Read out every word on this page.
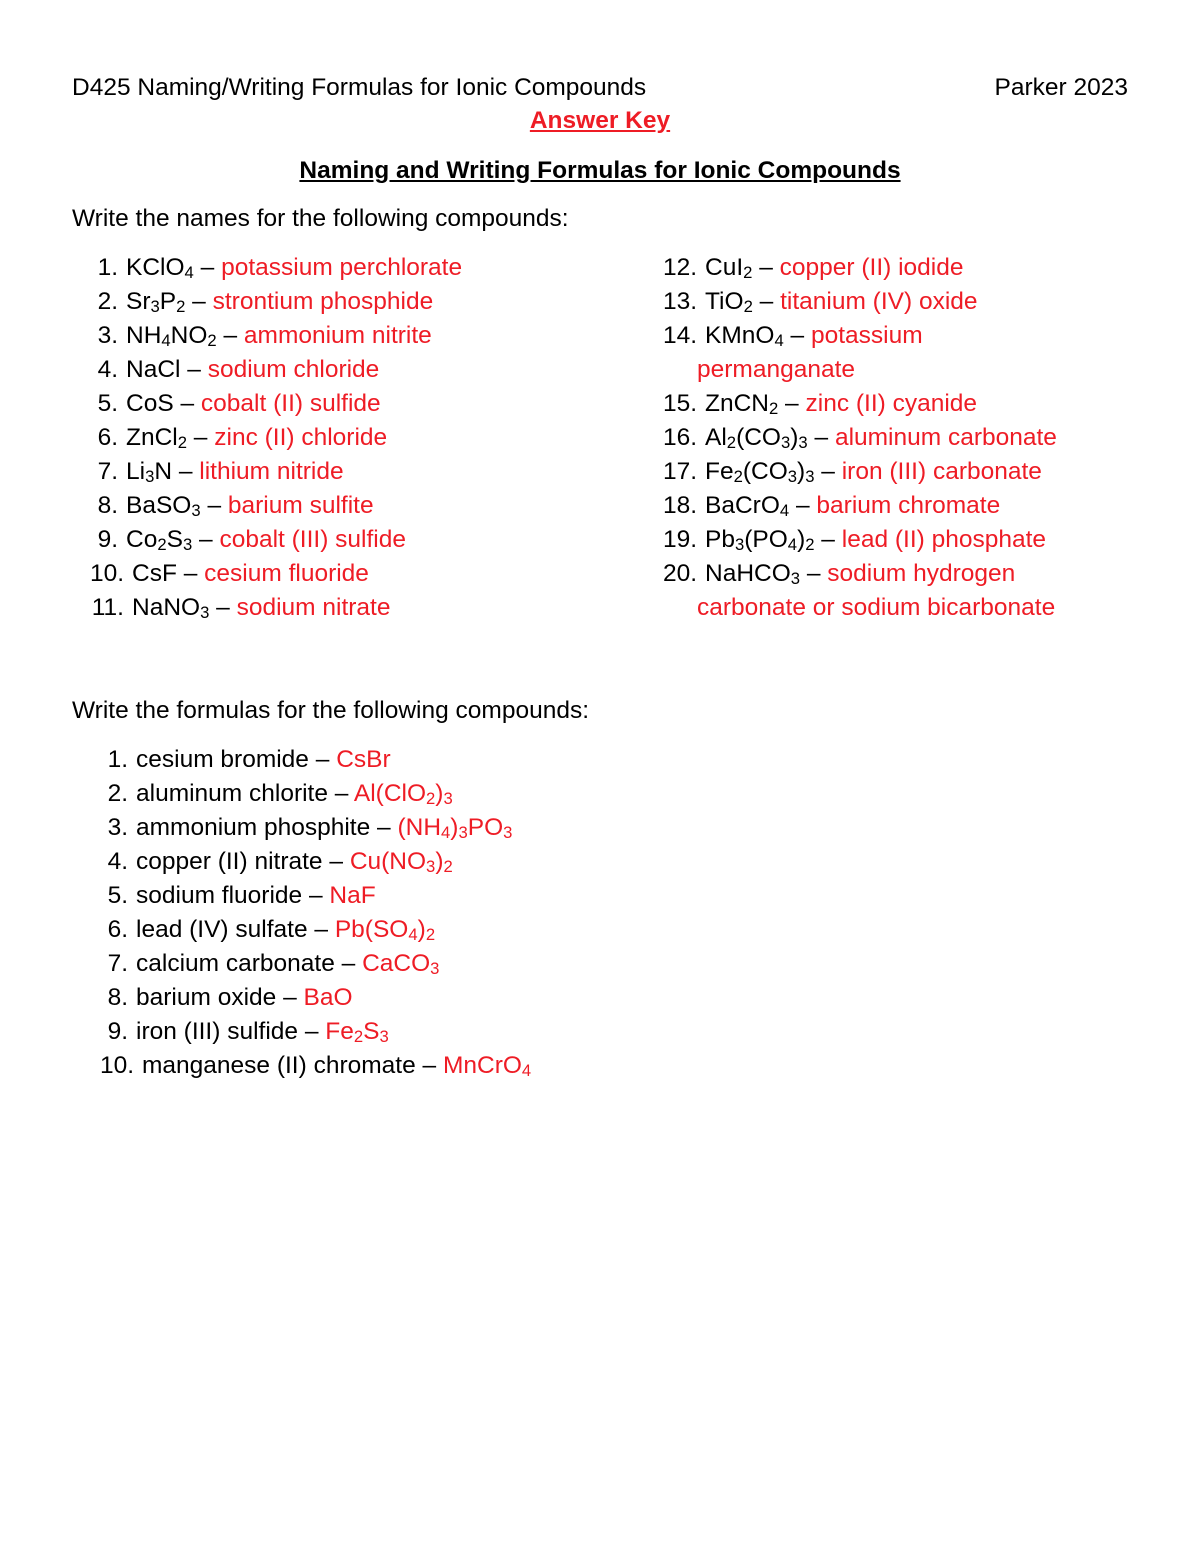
D425 Naming/Writing Formulas for Ionic Compounds	Parker 2023
Answer Key
Naming and Writing Formulas for Ionic Compounds
Write the names for the following compounds:
1. KClO$_4$ – potassium perchlorate
2. $Sr_3P_2$ – strontium phosphide
3. $NH_4NO_2$ – ammonium nitrite
4. NaCl – sodium chloride
5. CoS – cobalt (II) sulfide
6. ZnCl$_2$ – zinc (II) chloride
7. $Li_3N$ – lithium nitride
8. BaSO$_3$ – barium sulfite
9. $Co_2S_3$ – cobalt (III) sulfide
10. CsF – cesium fluoride
11. NaNO$_3$ – sodium nitrate
12. CuI$_2$ – copper (II) iodide
13. TiO$_2$ – titanium (IV) oxide
14. KMnO$_4$ – potassium
permanganate
15. ZnCN$_2$ – zinc (II) cyanide
16. $Al_2(CO_3)_3$ – aluminum carbonate
17. $Fe_2(CO_3)_3$ – iron (III) carbonate
18. BaCrO$_4$ – barium chromate
19. $Pb_3(PO_4)_2$ – lead (II) phosphate
20. NaHCO$_3$ – sodium hydrogen
carbonate or sodium bicarbonate
Write the formulas for the following compounds:
1. cesium bromide – CsBr
2. aluminum chlorite – $Al(ClO_2)_3$
3. ammonium phosphite – $(NH_4)_3PO_3$
4. copper (II) nitrate – $Cu(NO_3)_2$
5. sodium fluoride – NaF
6. lead (IV) sulfate – $Pb(SO_4)_2$
7. calcium carbonate – CaCO$_3$
8. barium oxide – BaO
9. iron (III) sulfide – $Fe_2S_3$
10. manganese (II) chromate – MnCrO$_4$
